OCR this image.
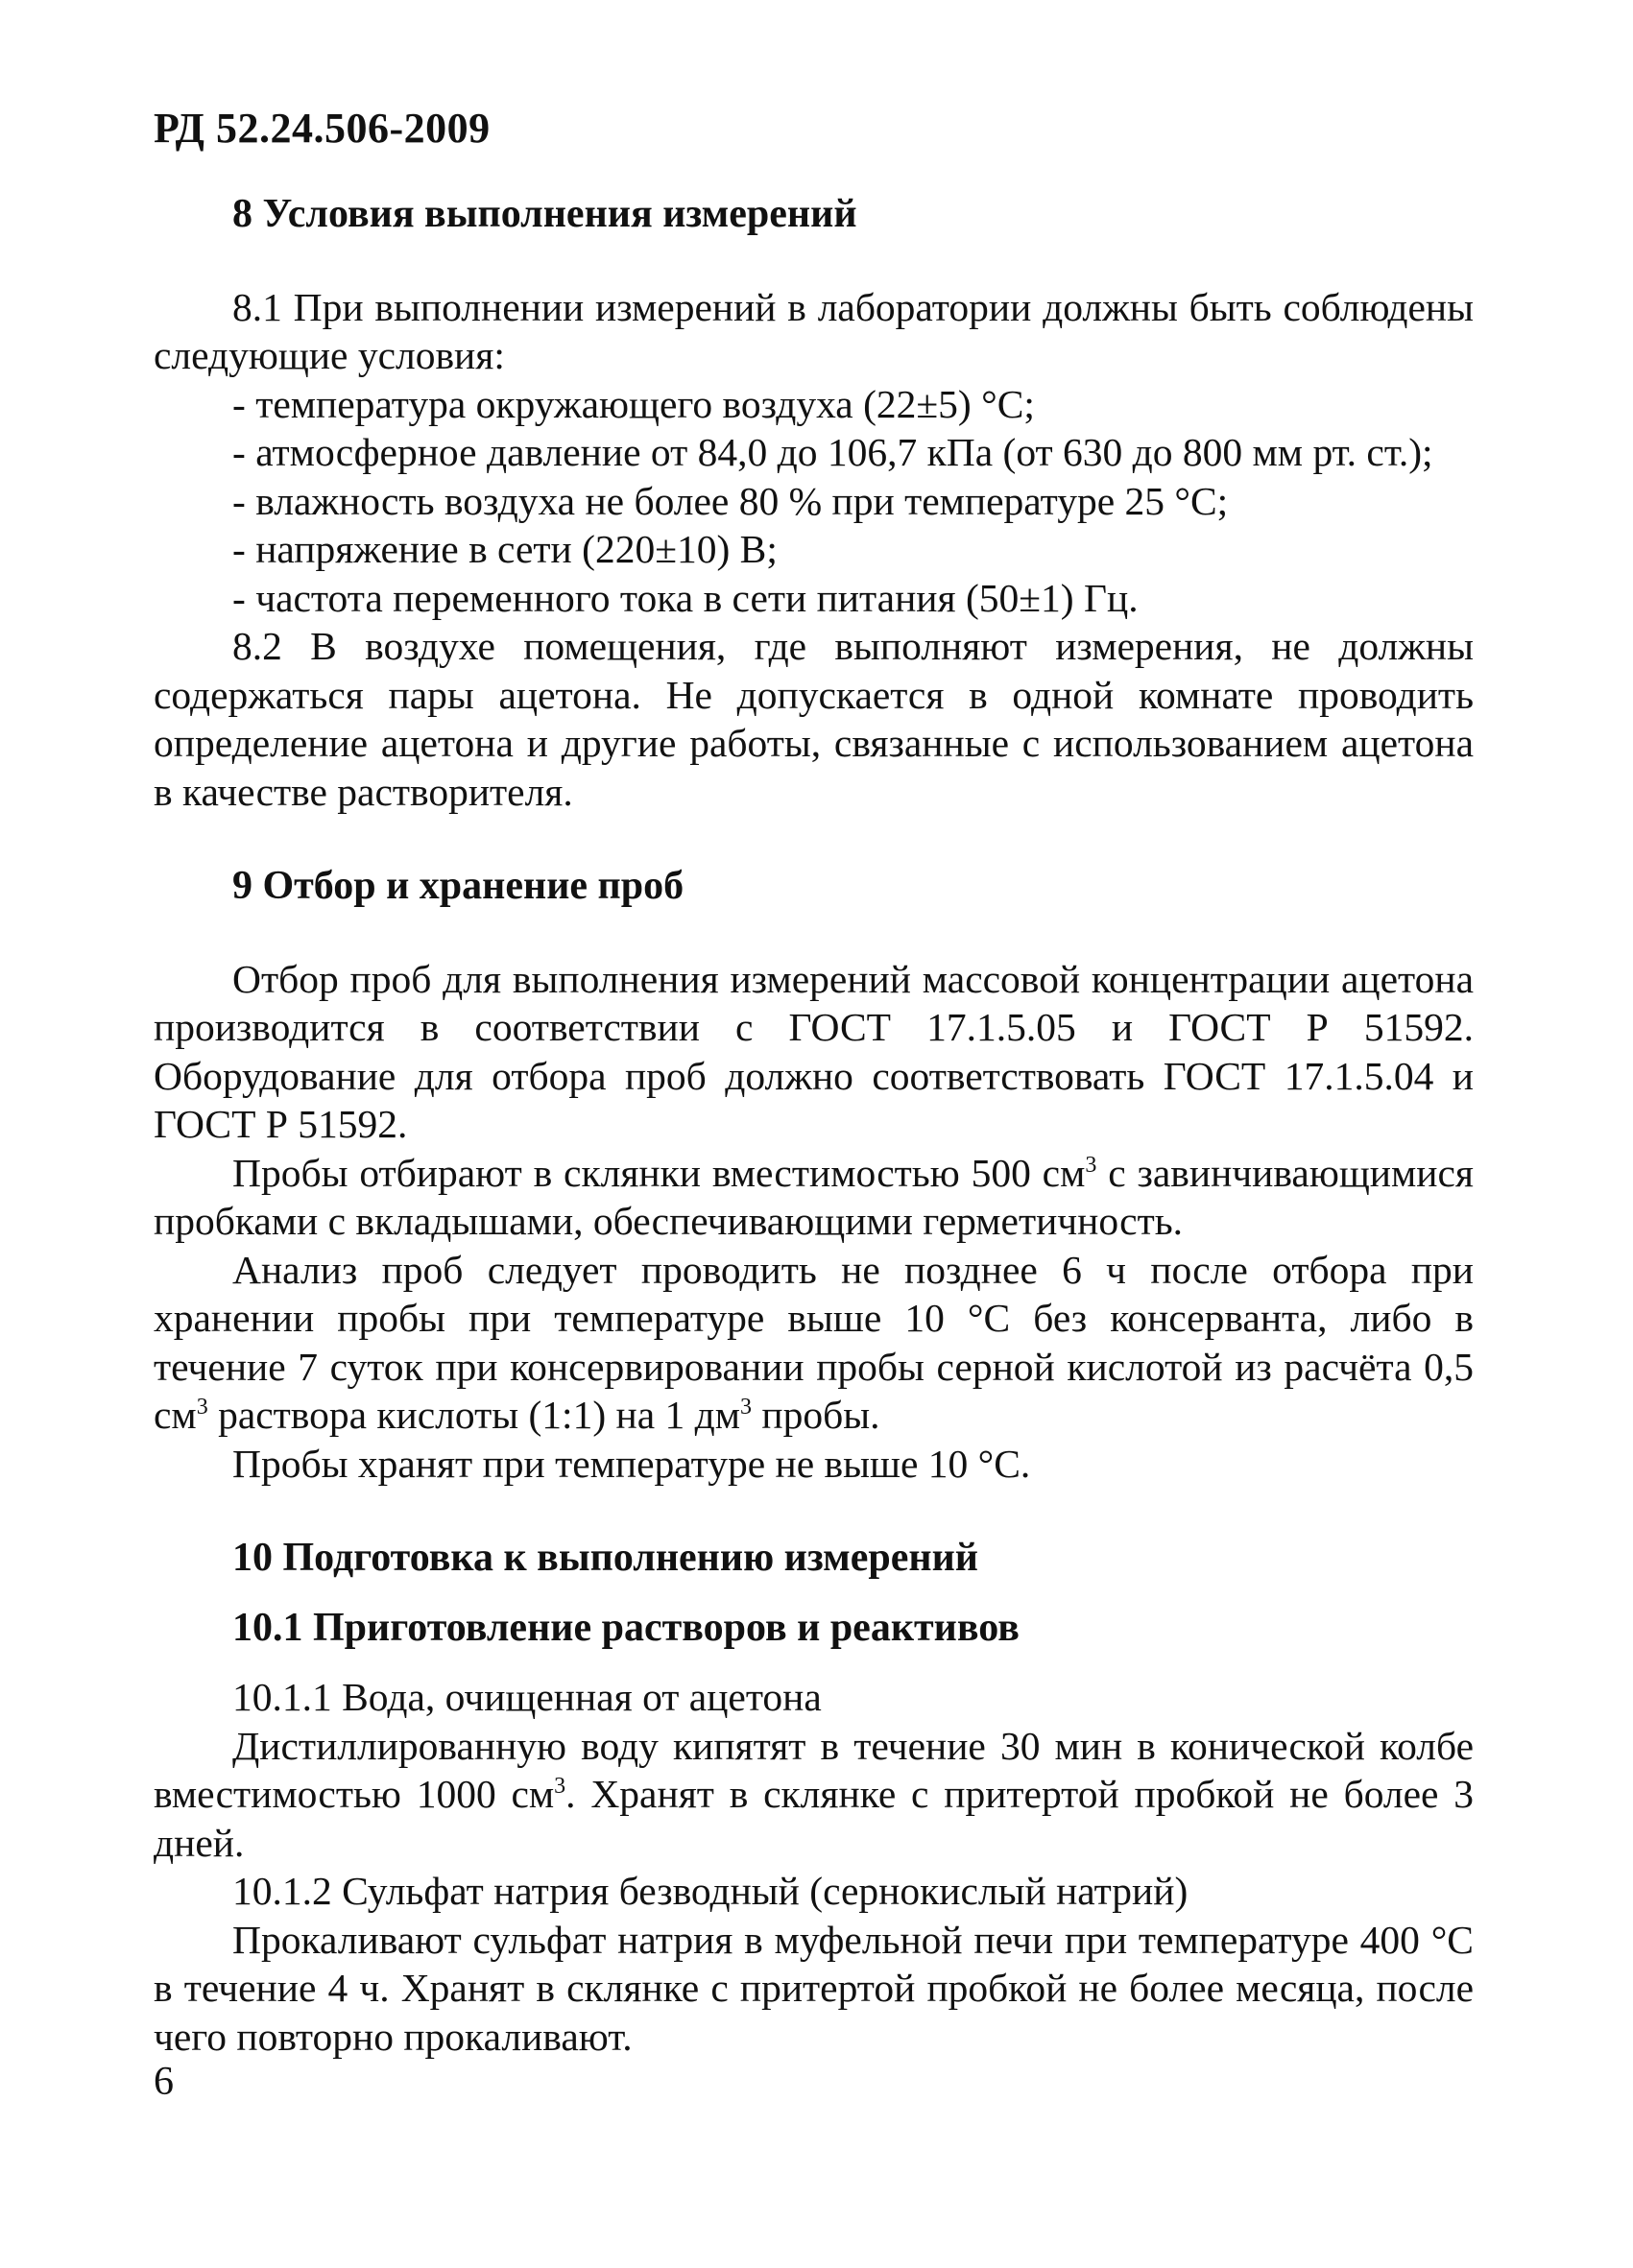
РД 52.24.506-2009

8 Условия выполнения измерений

8.1 При выполнении измерений в лаборатории должны быть соблюдены следующие условия:

- температура окружающего воздуха (22±5) °С;

- атмосферное давление от 84,0 до 106,7 кПа (от 630 до 800 мм рт. ст.);

- влажность воздуха не более 80 % при температуре 25 °С;

- напряжение в сети (220±10) В;

- частота переменного тока в сети питания (50±1) Гц.

8.2 В воздухе помещения, где выполняют измерения, не должны содержаться пары ацетона. Не допускается в одной комнате проводить определение ацетона и другие работы, связанные с использованием ацетона в качестве растворителя.

9 Отбор и хранение проб

Отбор проб для выполнения измерений массовой концентрации ацетона производится в соответствии с ГОСТ 17.1.5.05 и ГОСТ Р 51592. Оборудование для отбора проб должно соответствовать ГОСТ 17.1.5.04 и ГОСТ Р 51592.

Пробы отбирают в склянки вместимостью 500 $см^3$ с завинчивающимися пробками с вкладышами, обеспечивающими герметичность.

Анализ проб следует проводить не позднее 6 ч после отбора при хранении пробы при температуре выше 10 °С без консерванта, либо в течение 7 суток при консервировании пробы серной кислотой из расчёта 0,5 $см^3$ раствора кислоты (1:1) на 1 $дм^3$ пробы.

Пробы хранят при температуре не выше 10 °С.

10 Подготовка к выполнению измерений

10.1 Приготовление растворов и реактивов

10.1.1 Вода, очищенная от ацетона

Дистиллированную воду кипятят в течение 30 мин в конической колбе вместимостью 1000 $см^3$. Хранят в склянке с притертой пробкой не более 3 дней.

10.1.2 Сульфат натрия безводный (сернокислый натрий)

Прокаливают сульфат натрия в муфельной печи при температуре 400 °С в течение 4 ч. Хранят в склянке с притертой пробкой не более месяца, после чего повторно прокаливают.

6
